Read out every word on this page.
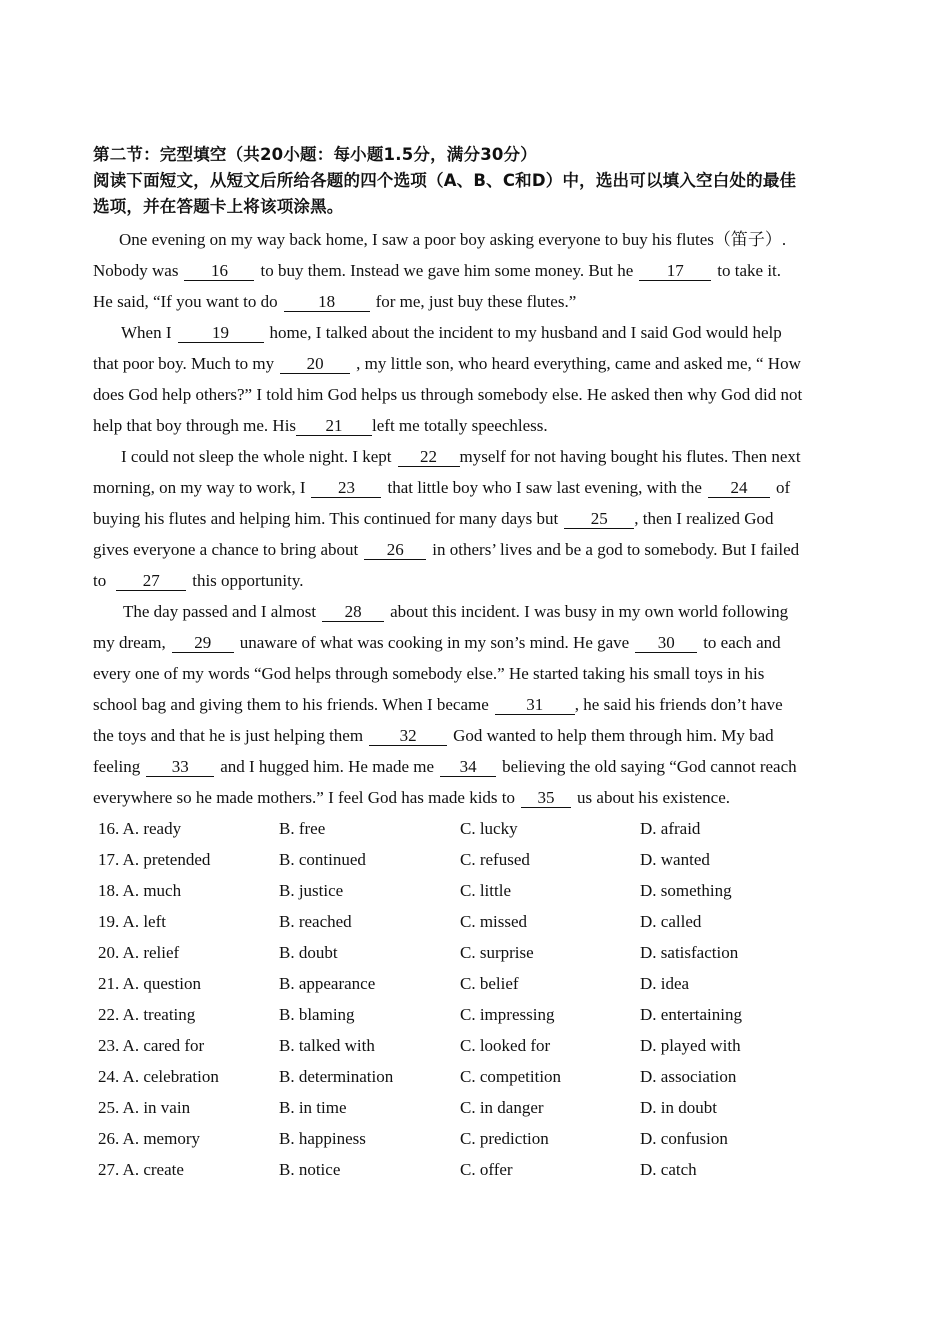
第二节：完型填空（共20小题：每小题1.5分，满分30分）
阅读下面短文，从短文后所给各题的四个选项（A、B、C和D）中，选出可以填入空白处的最佳
选项，并在答题卡上将该项涂黑。
One evening on my way back home, I saw a poor boy asking everyone to buy his flutes（笛子）.
Nobody was 16 to buy them. Instead we gave him some money. But he 17 to take it.
He said, “If you want to do 18 for me, just buy these flutes.”
When I 19 home, I talked about the incident to my husband and I said God would help
that poor boy. Much to my 20 , my little son, who heard everything, came and asked me, “ How
does God help others?” I told him God helps us through somebody else. He asked then why God did not
help that boy through me. His 21 left me totally speechless.
I could not sleep the whole night. I kept 22 myself for not having bought his flutes. Then next
morning, on my way to work, I 23 that little boy who I saw last evening, with the 24 of
buying his flutes and helping him. This continued for many days but 25 , then I realized God
gives everyone a chance to bring about 26 in others’ lives and be a god to somebody. But I failed
to 27 this opportunity.
The day passed and I almost 28 about this incident. I was busy in my own world following
my dream, 29 unaware of what was cooking in my son’s mind. He gave 30 to each and
every one of my words “God helps through somebody else.” He started taking his small toys in his
school bag and giving them to his friends. When I became 31 , he said his friends don’t have
the toys and that he is just helping them 32 God wanted to help them through him. My bad
feeling 33 and I hugged him. He made me 34 believing the old saying “God cannot reach
everywhere so he made mothers.” I feel God has made kids to 35 us about his existence.
16. A. ready	B. free	C. lucky	D. afraid
17. A. pretended	B. continued	C. refused	D. wanted
18. A. much	B. justice	C. little	D. something
19. A. left	B. reached	C. missed	D. called
20. A. relief	B. doubt	C. surprise	D. satisfaction
21. A. question	B. appearance	C. belief	D. idea
22. A. treating	B. blaming	C. impressing	D. entertaining
23. A. cared for	B. talked with	C. looked for	D. played with
24. A. celebration	B. determination	C. competition	D. association
25. A. in vain	B. in time	C. in danger	D. in doubt
26. A. memory	B. happiness	C. prediction	D. confusion
27. A. create	B. notice	C. offer	D. catch
